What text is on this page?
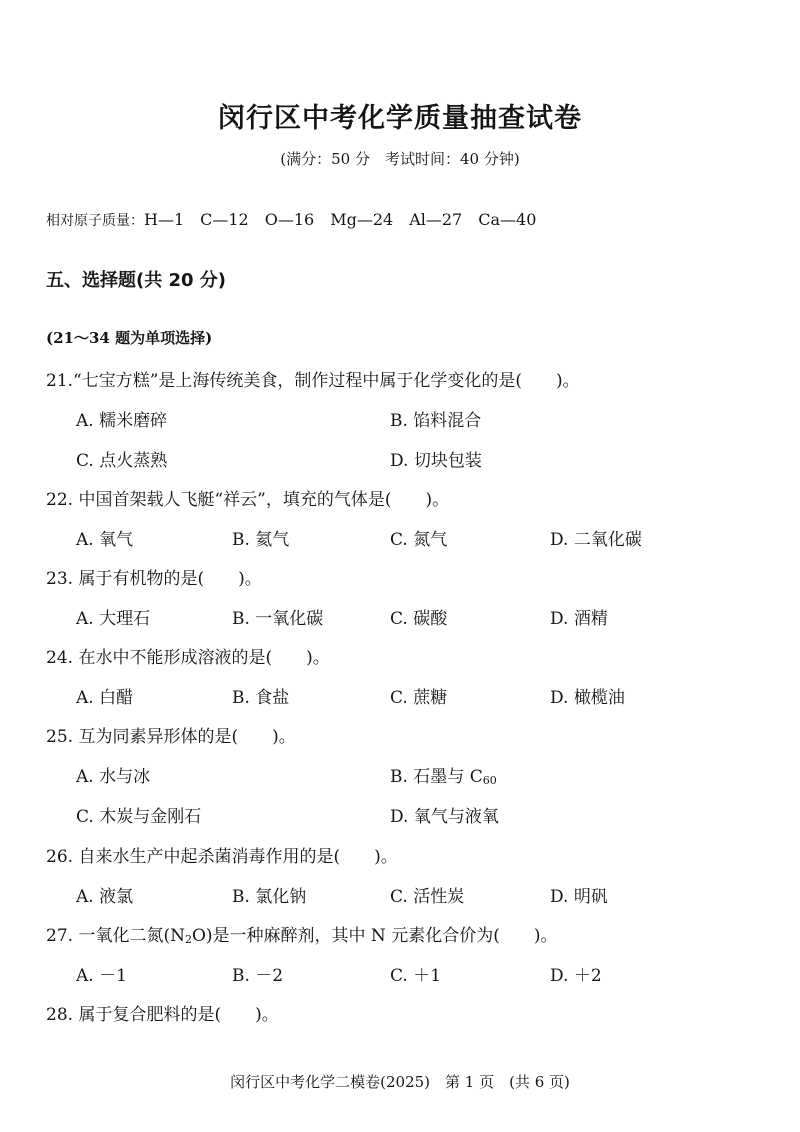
闵行区中考化学质量抽查试卷
(满分：50 分　考试时间：40 分钟)
相对原子质量：H—1　C—12　O—16　Mg—24　Al—27　Ca—40
五、选择题(共 20 分)
(21～34 题为单项选择)
21.“七宝方糕”是上海传统美食，制作过程中属于化学变化的是(　　)。
A. 糯米磨碎	B. 馅料混合
C. 点火蒸熟	D. 切块包装
22. 中国首架载人飞艇“祥云”，填充的气体是(　　)。
A. 氧气	B. 氦气	C. 氮气	D. 二氧化碳
23. 属于有机物的是(　　)。
A. 大理石	B. 一氧化碳	C. 碳酸	D. 酒精
24. 在水中不能形成溶液的是(　　)。
A. 白醋	B. 食盐	C. 蔗糖	D. 橄榄油
25. 互为同素异形体的是(　　)。
A. 水与冰	B. 石墨与 C60
C. 木炭与金刚石	D. 氧气与液氧
26. 自来水生产中起杀菌消毒作用的是(　　)。
A. 液氯	B. 氯化钠	C. 活性炭	D. 明矾
27. 一氧化二氮(N2O)是一种麻醉剂，其中 N 元素化合价为(　　)。
A. －1	B. －2	C. ＋1	D. ＋2
28. 属于复合肥料的是(　　)。
闵行区中考化学二模卷(2025)　第 1 页　(共 6 页)
